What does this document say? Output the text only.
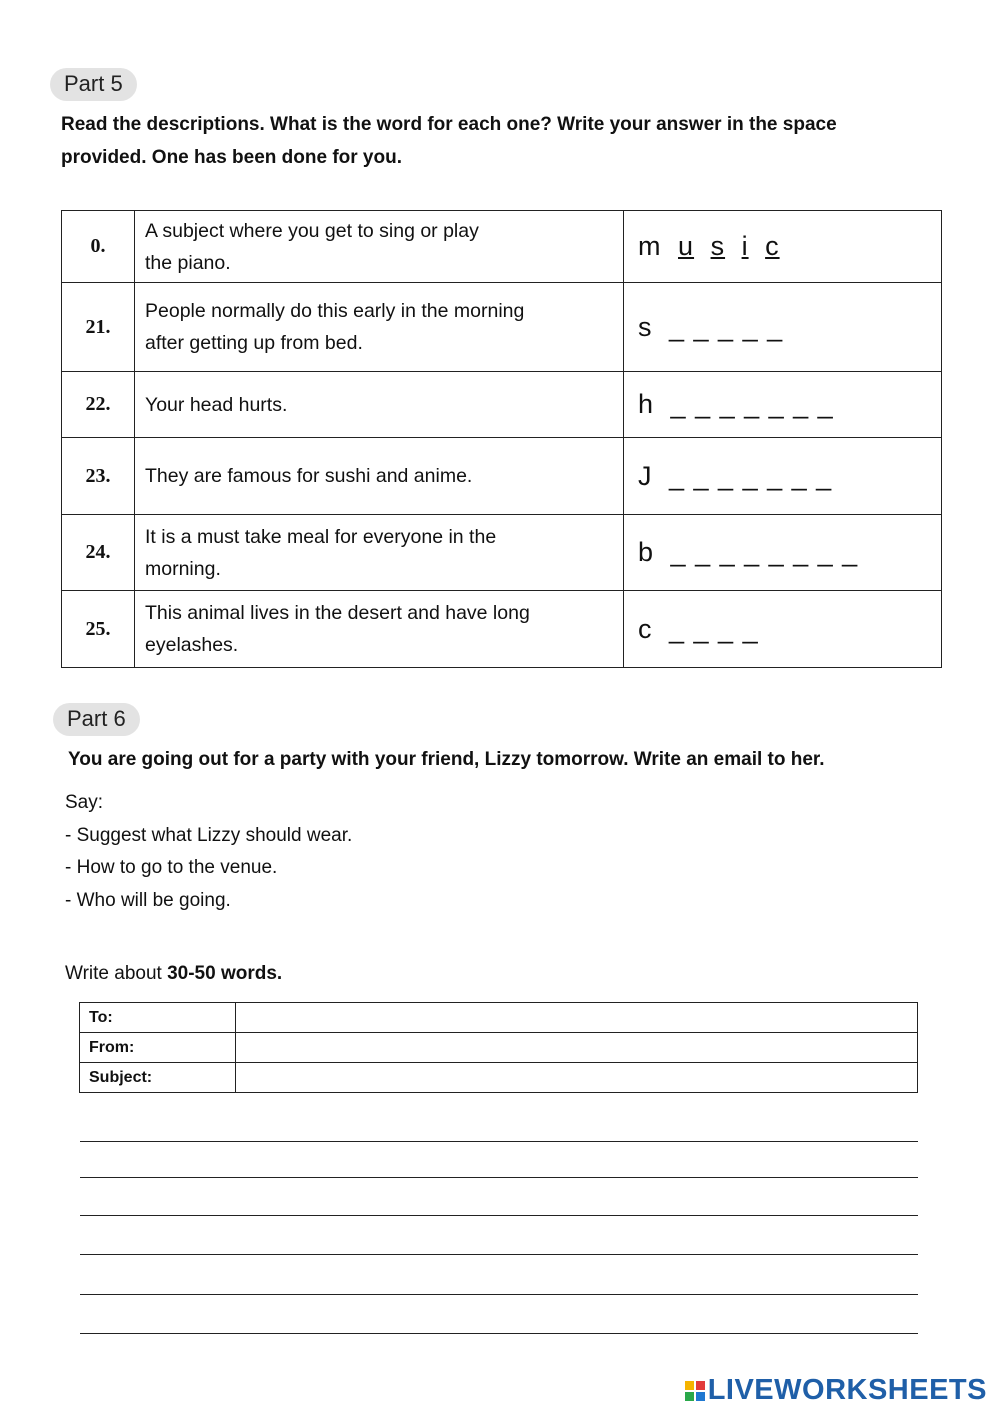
Part 5
Read the descriptions. What is the word for each one? Write your answer in the space
provided. One has been done for you.
0.	A subject where you get to sing or play
the piano.	m u s i c
21.	People normally do this early in the morning
after getting up from bed.	s _ _ _ _ _
22.	Your head hurts.	h _ _ _ _ _ _ _
23.	They are famous for sushi and anime.	J _ _ _ _ _ _ _
24.	It is a must take meal for everyone in the
morning.	b _ _ _ _ _ _ _ _
25.	This animal lives in the desert and have long
eyelashes.	c _ _ _ _
Part 6
You are going out for a party with your friend, Lizzy tomorrow. Write an email to her.
Say:
- Suggest what Lizzy should wear.
- How to go to the venue.
- Who will be going.
Write about 30-50 words.
To:	
From:	
Subject:	
LIVEWORKSHEETS
